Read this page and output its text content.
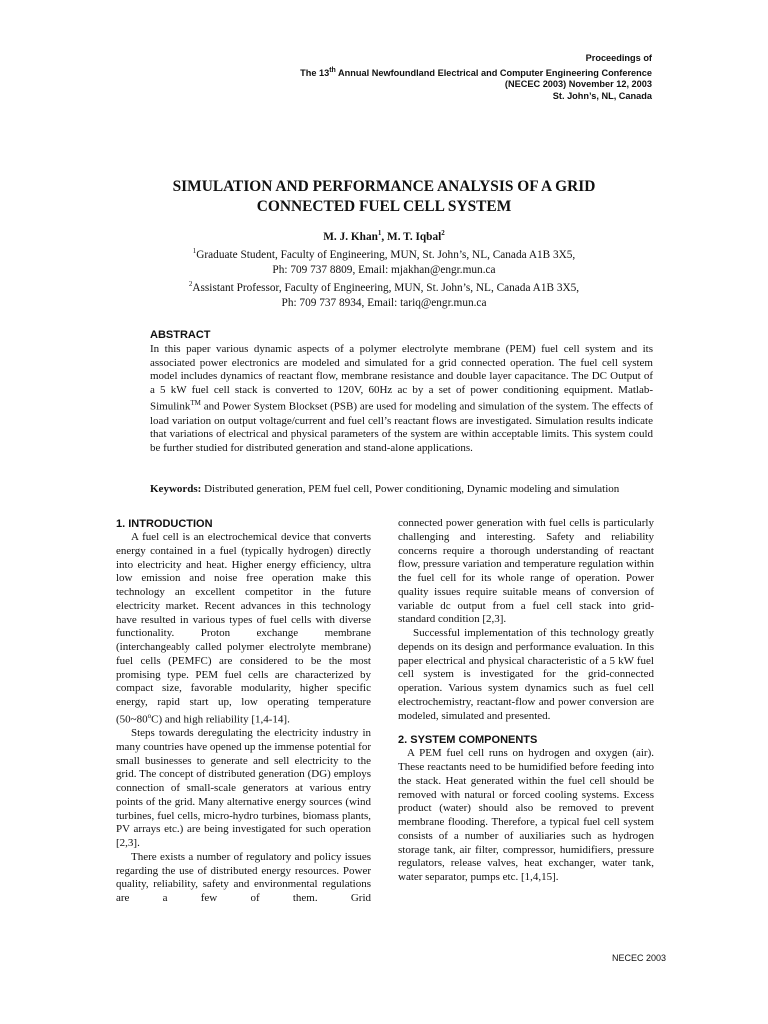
Proceedings of
The 13th Annual Newfoundland Electrical and Computer Engineering Conference
(NECEC 2003) November 12, 2003
St. John’s, NL, Canada
SIMULATION AND PERFORMANCE ANALYSIS OF A GRID
CONNECTED FUEL CELL SYSTEM
M. J. Khan$^1$, M. T. Iqbal$^2$
$^1$Graduate Student, Faculty of Engineering, MUN, St. John’s, NL, Canada A1B 3X5,
Ph: 709 737 8809, Email: mjakhan@engr.mun.ca
$^2$Assistant Professor, Faculty of Engineering, MUN, St. John’s, NL, Canada A1B 3X5,
Ph: 709 737 8934, Email: tariq@engr.mun.ca
ABSTRACT
In this paper various dynamic aspects of a polymer electrolyte membrane (PEM) fuel cell system and its associated power electronics are modeled and simulated for a grid connected operation. The fuel cell system model includes dynamics of reactant flow, membrane resistance and double layer capacitance. The DC Output of a 5 kW fuel cell stack is converted to 120V, 60Hz ac by a set of power conditioning equipment. Matlab-Simulink™ and Power System Blockset (PSB) are used for modeling and simulation of the system. The effects of load variation on output voltage/current and fuel cell’s reactant flows are investigated. Simulation results indicate that variations of electrical and physical parameters of the system are within acceptable limits. This system could be further studied for distributed generation and stand-alone applications.
Keywords: Distributed generation, PEM fuel cell, Power conditioning, Dynamic modeling and simulation
1. INTRODUCTION

A fuel cell is an electrochemical device that converts energy contained in a fuel (typically hydrogen) directly into electricity and heat. Higher energy efficiency, ultra low emission and noise free operation make this technology an excellent competitor in the future electricity market. Recent advances in this technology have resulted in various types of fuel cells with diverse functionality. Proton exchange membrane (interchangeably called polymer electrolyte membrane) fuel cells (PEMFC) are considered to be the most promising type. PEM fuel cells are characterized by compact size, favorable modularity, higher specific energy, rapid start up, low operating temperature (50~80$^o$C) and high reliability [1,4-14].

Steps towards deregulating the electricity industry in many countries have opened up the immense potential for small businesses to generate and sell electricity to the grid. The concept of distributed generation (DG) employs connection of small-scale generators at various entry points of the grid. Many alternative energy sources (wind turbines, fuel cells, micro-hydro turbines, biomass plants, PV arrays etc.) are being investigated for such operation [2,3].

There exists a number of regulatory and policy issues regarding the use of distributed energy resources. Power quality, reliability, safety and environmental regulations are a few of them. Grid

connected power generation with fuel cells is particularly challenging and interesting. Safety and reliability concerns require a thorough understanding of reactant flow, pressure variation and temperature regulation within the fuel cell for its whole range of operation. Power quality issues require suitable means of conversion of variable dc output from a fuel cell stack into grid-standard condition [2,3].

Successful implementation of this technology greatly depends on its design and performance evaluation. In this paper electrical and physical characteristic of a 5 kW fuel cell system is investigated for the grid-connected operation. Various system dynamics such as fuel cell electrochemistry, reactant-flow and power conversion are modeled, simulated and presented.

2. SYSTEM COMPONENTS

A PEM fuel cell runs on hydrogen and oxygen (air). These reactants need to be humidified before feeding into the stack. Heat generated within the fuel cell should be removed with natural or forced cooling systems. Excess product (water) should also be removed to prevent membrane flooding. Therefore, a typical fuel cell system consists of a number of auxiliaries such as hydrogen storage tank, air filter, compressor, humidifiers, pressure regulators, release valves, heat exchanger, water tank, water separator, pumps etc. [1,4,15].

NECEC 2003
